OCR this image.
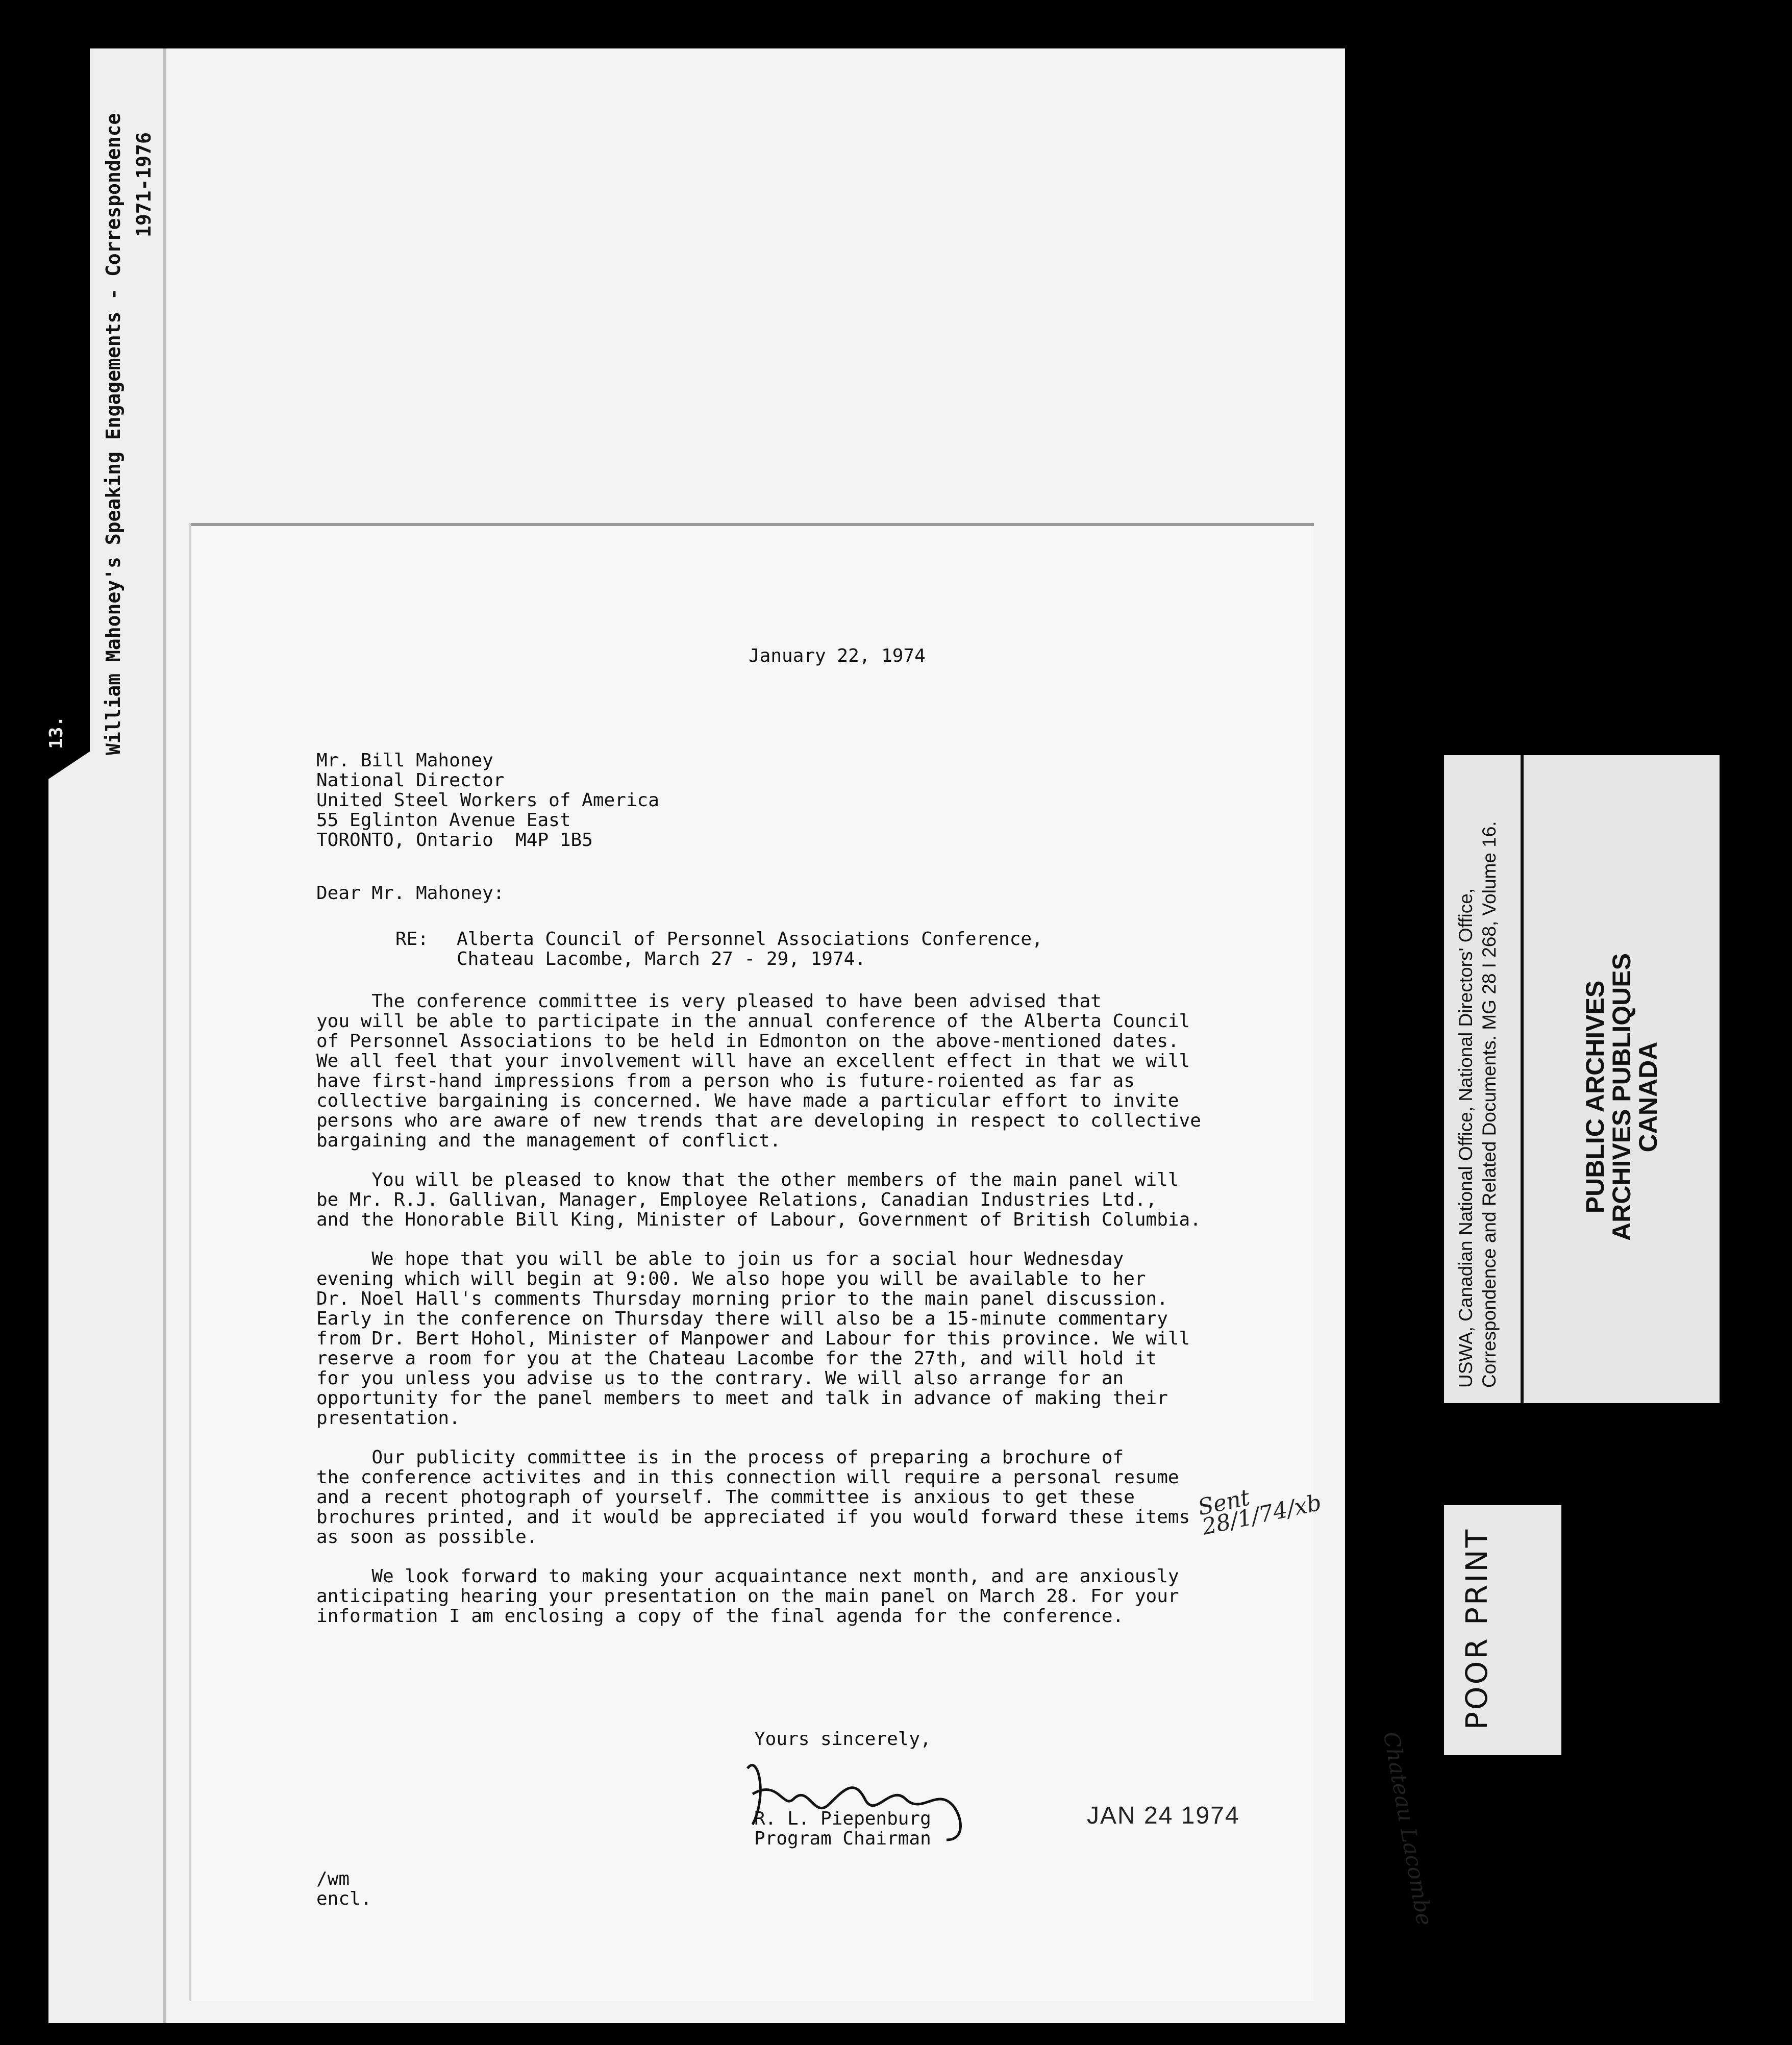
13. William Mahoney's Speaking Engagements - Correspondence 1971-1976
January 22, 1974
Mr. Bill Mahoney
National Director
United Steel Workers of America
55 Eglinton Avenue East
TORONTO, Ontario  M4P 1B5
Dear Mr. Mahoney:
RE: Alberta Council of Personnel Associations Conference,
Chateau Lacombe, March 27 - 29, 1974.

The conference committee is very pleased to have been advised that
you will be able to participate in the annual conference of the Alberta Council
of Personnel Associations to be held in Edmonton on the above-mentioned dates.
We all feel that your involvement will have an excellent effect in that we will
have first-hand impressions from a person who is future-roiented as far as
collective bargaining is concerned. We have made a particular effort to invite
persons who are aware of new trends that are developing in respect to collective
bargaining and the management of conflict.

You will be pleased to know that the other members of the main panel will
be Mr. R.J. Gallivan, Manager, Employee Relations, Canadian Industries Ltd.,
and the Honorable Bill King, Minister of Labour, Government of British Columbia.

We hope that you will be able to join us for a social hour Wednesday
evening which will begin at 9:00. We also hope you will be available to her
Dr. Noel Hall's comments Thursday morning prior to the main panel discussion.
Early in the conference on Thursday there will also be a 15-minute commentary
from Dr. Bert Hohol, Minister of Manpower and Labour for this province. We will
reserve a room for you at the Chateau Lacombe for the 27th, and will hold it
for you unless you advise us to the contrary. We will also arrange for an
opportunity for the panel members to meet and talk in advance of making their
presentation.

Our publicity committee is in the process of preparing a brochure of
the conference activites and in this connection will require a personal resume
and a recent photograph of yourself. The committee is anxious to get these
brochures printed, and it would be appreciated if you would forward these items
as soon as possible.

We look forward to making your acquaintance next month, and are anxiously
anticipating hearing your presentation on the main panel on March 28. For your
information I am enclosing a copy of the final agenda for the conference.

Yours sincerely,

R. L. Piepenburg
Program Chairman
JAN 24 1974
/wm
encl.
Sent 28/1/74/xb
Chateau Lacombe
USWA, Canadian National Office, National Directors' Office, Correspondence and Related Documents. MG 28 I 268, Volume 16.	PUBLIC ARCHIVES
ARCHIVES PUBLIQUES
CANADA
POOR PRINT
